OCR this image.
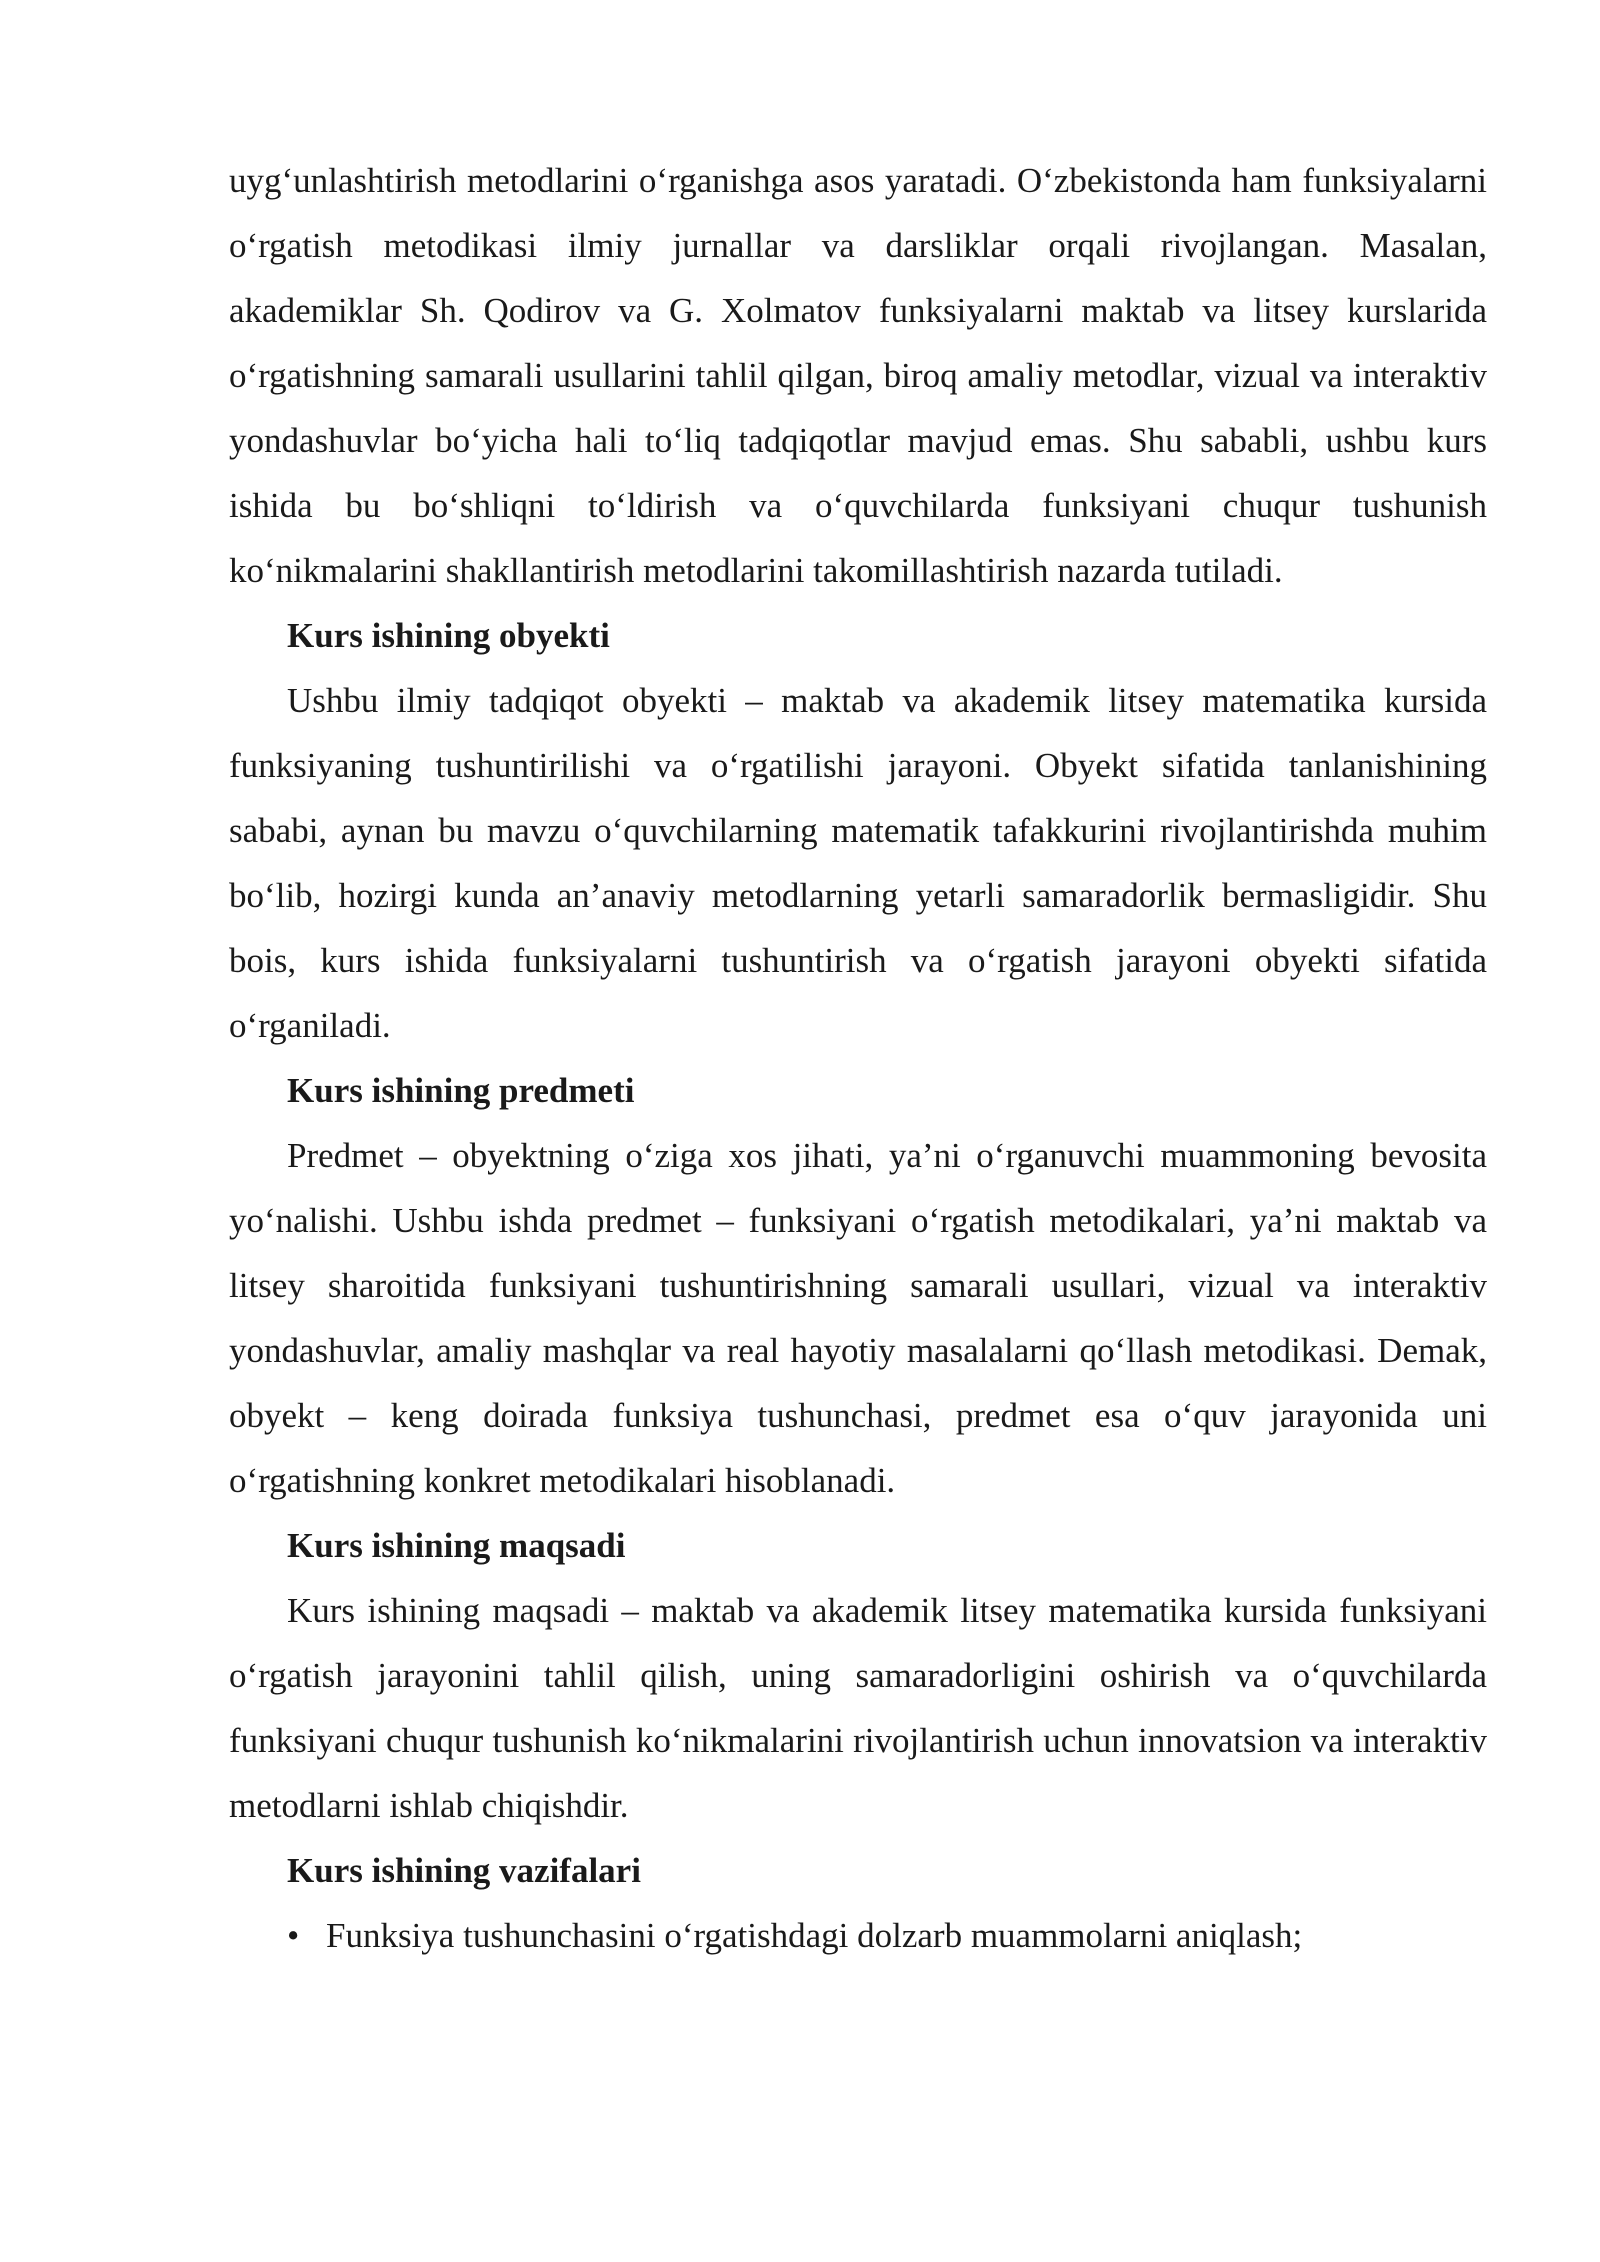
uyg‘unlashtirish metodlarini o‘rganishga asos yaratadi. O‘zbekistonda ham funksiyalarni o‘rgatish metodikasi ilmiy jurnallar va darsliklar orqali rivojlangan. Masalan, akademiklar Sh. Qodirov va G. Xolmatov funksiyalarni maktab va litsey kurslarida o‘rgatishning samarali usullarini tahlil qilgan, biroq amaliy metodlar, vizual va interaktiv yondashuvlar bo‘yicha hali to‘liq tadqiqotlar mavjud emas. Shu sababli, ushbu kurs ishida bu bo‘shliqni to‘ldirish va o‘quvchilarda funksiyani chuqur tushunish ko‘nikmalarini shakllantirish metodlarini takomillashtirish nazarda tutiladi.

Kurs ishining obyekti

Ushbu ilmiy tadqiqot obyekti – maktab va akademik litsey matematika kursida funksiyaning tushuntirilishi va o‘rgatilishi jarayoni. Obyekt sifatida tanlanishining sababi, aynan bu mavzu o‘quvchilarning matematik tafakkurini rivojlantirishda muhim bo‘lib, hozirgi kunda an’anaviy metodlarning yetarli samaradorlik bermasligidir. Shu bois, kurs ishida funksiyalarni tushuntirish va o‘rgatish jarayoni obyekti sifatida o‘rganiladi.

Kurs ishining predmeti

Predmet – obyektning o‘ziga xos jihati, ya’ni o‘rganuvchi muammoning bevosita yo‘nalishi. Ushbu ishda predmet – funksiyani o‘rgatish metodikalari, ya’ni maktab va litsey sharoitida funksiyani tushuntirishning samarali usullari, vizual va interaktiv yondashuvlar, amaliy mashqlar va real hayotiy masalalarni qo‘llash metodikasi. Demak, obyekt – keng doirada funksiya tushunchasi, predmet esa o‘quv jarayonida uni o‘rgatishning konkret metodikalari hisoblanadi.

Kurs ishining maqsadi

Kurs ishining maqsadi – maktab va akademik litsey matematika kursida funksiyani o‘rgatish jarayonini tahlil qilish, uning samaradorligini oshirish va o‘quvchilarda funksiyani chuqur tushunish ko‘nikmalarini rivojlantirish uchun innovatsion va interaktiv metodlarni ishlab chiqishdir.

Kurs ishining vazifalari
• Funksiya tushunchasini o‘rgatishdagi dolzarb muammolarni aniqlash;
